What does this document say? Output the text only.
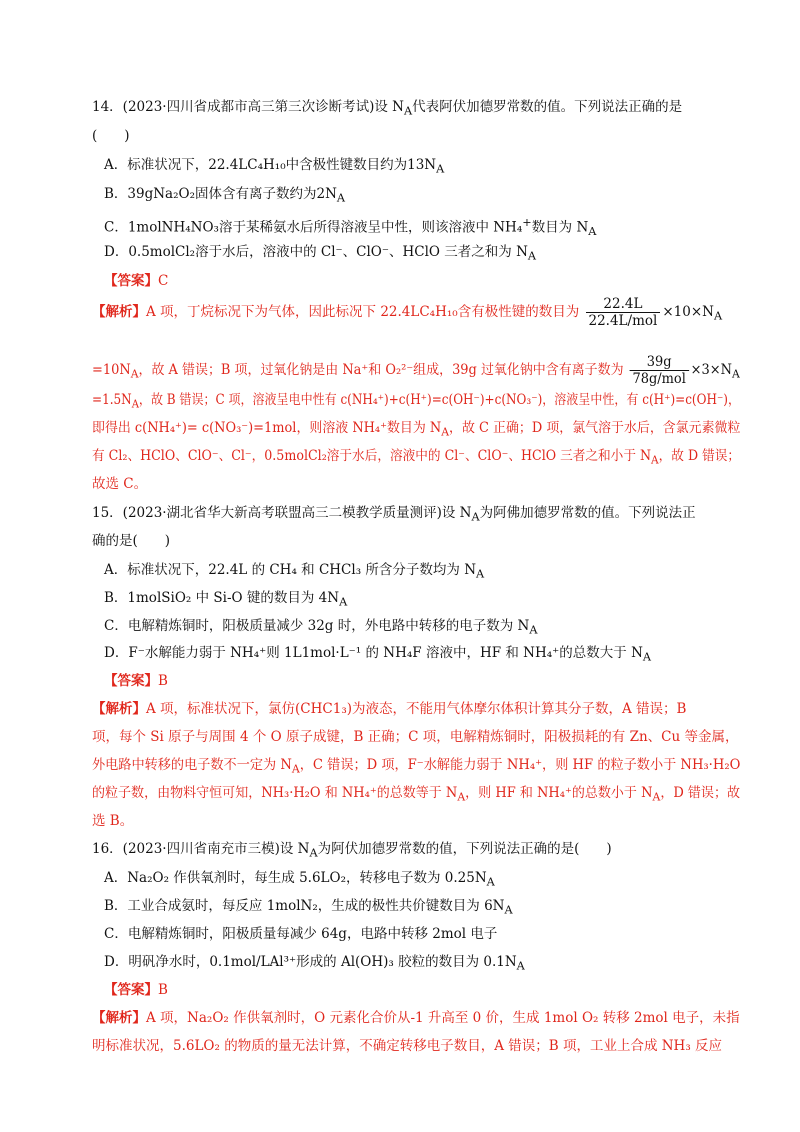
14．(2023·四川省成都市高三第三次诊断考试)设 $N_A$代表阿伏加德罗常数的值。下列说法正确的是
(　　)
A．标准状况下，22.4LC₄H₁₀中含极性键数目约为$13N_A$
B．39gNa₂O₂固体含有离子数约为$2N_A$
C．1molNH₄NO₃溶于某稀氨水后所得溶液呈中性，则该溶液中 NH₄+数目为 $N_A$
D．0.5molCl₂溶于水后，溶液中的 Cl⁻、ClO⁻、HClO 三者之和为 $N_A$
【答案】C
【解析】A 项，丁烷标况下为气体，因此标况下 22.4LC₄H₁₀含有极性键的数目为 $\frac{22.4L}{\text{22.4L/mol}} \times 10\times N_A$
$=10N_A$，故 A 错误；B 项，过氧化钠是由 Na⁺和 O₂²⁻组成，39g 过氧化钠中含有离子数为 $\frac{39g}{\text{78g/mol}} \times 3\times N_A$
$=1.5N_A$，故 B 错误；C 项，溶液呈电中性有 c(NH₄⁺)+c(H⁺)=c(OH⁻)+c(NO₃⁻)，溶液呈中性，有 c(H⁺)=c(OH⁻)，
即得出 c(NH₄⁺)= c(NO₃⁻)=1mol，则溶液 NH₄⁺数目为 $N_A$，故 C 正确；D 项，氯气溶于水后，含氯元素微粒
有 Cl₂、HClO、ClO⁻、Cl⁻，0.5molCl₂溶于水后，溶液中的 Cl⁻、ClO⁻、HClO 三者之和小于 $N_A$，故 D 错误；
故选 C。
15．(2023·湖北省华大新高考联盟高三二模教学质量测评)设 $N_A$为阿佛加德罗常数的值。下列说法正
确的是(　　)
A．标准状况下，22.4L 的 CH₄ 和 CHCl₃ 所含分子数均为 $N_A$
B．1molSiO₂ 中 Si-O 键的数目为 $4N_A$
C．电解精炼铜时，阳极质量减少 32g 时，外电路中转移的电子数为 $N_A$
D．F⁻水解能力弱于 NH₄⁺则 1L1mol·L⁻¹ 的 NH₄F 溶液中，HF 和 NH₄⁺的总数大于 $N_A$
【答案】B
【解析】A 项，标准状况下，氯仿(CHC1₃)为液态，不能用气体摩尔体积计算其分子数，A 错误；B
项，每个 Si 原子与周围 4 个 O 原子成键，B 正确；C 项，电解精炼铜时，阳极损耗的有 Zn、Cu 等金属，
外电路中转移的电子数不一定为 $N_A$，C 错误；D 项，F⁻水解能力弱于 NH₄⁺，则 HF 的粒子数小于 NH₃·H₂O
的粒子数，由物料守恒可知，NH₃·H₂O 和 NH₄⁺的总数等于 $N_A$，则 HF 和 NH₄⁺的总数小于 $N_A$，D 错误；故
选 B。
16．(2023·四川省南充市三模)设 $N_A$为阿伏加德罗常数的值，下列说法正确的是(　　)
A．Na₂O₂ 作供氧剂时，每生成 5.6LO₂，转移电子数为 $0.25N_A$
B．工业合成氨时，每反应 1molN₂，生成的极性共价键数目为 $6N_A$
C．电解精炼铜时，阳极质量每减少 64g，电路中转移 2mol 电子
D．明矾净水时，0.1mol/LAl³⁺形成的 Al(OH)₃ 胶粒的数目为 $0.1N_A$
【答案】B
【解析】A 项，Na₂O₂ 作供氧剂时，O 元素化合价从-1 升高至 0 价，生成 1mol O₂ 转移 2mol 电子，未指
明标准状况，5.6LO₂ 的物质的量无法计算，不确定转移电子数目，A 错误；B 项，工业上合成 NH₃ 反应
